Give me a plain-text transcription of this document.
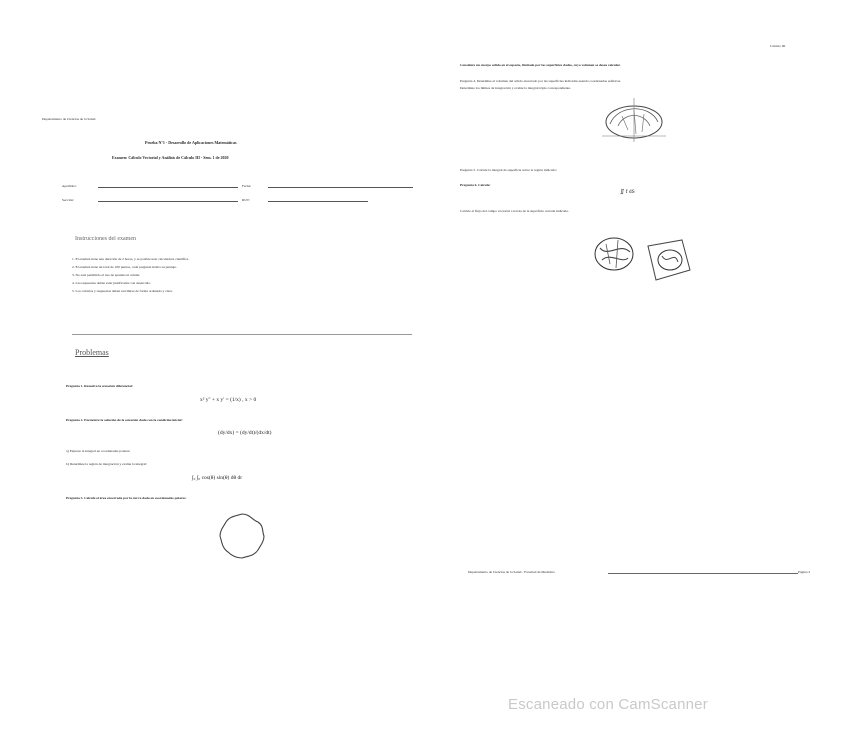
Departamento de Ciencias de la Salud
Prueba N°1 - Desarrollo de Aplicaciones Matemáticas
Examen: Cálculo Vectorial y Análisis de Cálculo III - Sem. 1 de 2020
Apellidos:	Fecha:
Sección:	RUT:
Instrucciones del examen
1. El examen tiene una duración de 2 horas, y es posible usar calculadora científica.
2. El examen tiene un total de 100 puntos, cada pregunta indica su puntaje.
3. No está permitido el uso de apuntes ni celular.
4. Las respuestas deben estar justificadas con desarrollo.
5. Los cálculos y respuestas deben escribirse de forma ordenada y clara.
Problemas
Pregunta 1. Resuelva la ecuación diferencial:
x² y'' + x y' = (1/x) , x > 0
Pregunta 2. Encuentre la solución de la ecuación dada con la condición inicial:
(dy/dx) = (dy/dt)/(dx/dt)
a) Exprese la integral en coordenadas polares:
b) Determine la región de integración y evalúe la integral:
∫₀ ∫₀ cos(θ) sin(θ) dθ dr
Pregunta 3. Calcule el área encerrada por la curva dada en coordenadas polares:
Cálculo III
Considere un cuerpo sólido en el espacio, limitado por las superficies dadas, cuyo volumen se desea calcular.
Pregunta 4. Determine el volumen del sólido encerrado por las superficies indicadas usando coordenadas esféricas.
Determine los límites de integración y evalúe la integral triple correspondiente.
Pregunta 5. Calcule la integral de superficie sobre la región indicada:
Pregunta 6. Calcule:
∬ f dS
Calcule el flujo del campo vectorial a través de la superficie cerrada indicada.
Departamento de Ciencias de la Salud - Facultad de Medicina	Página 2
Escaneado con CamScanner
